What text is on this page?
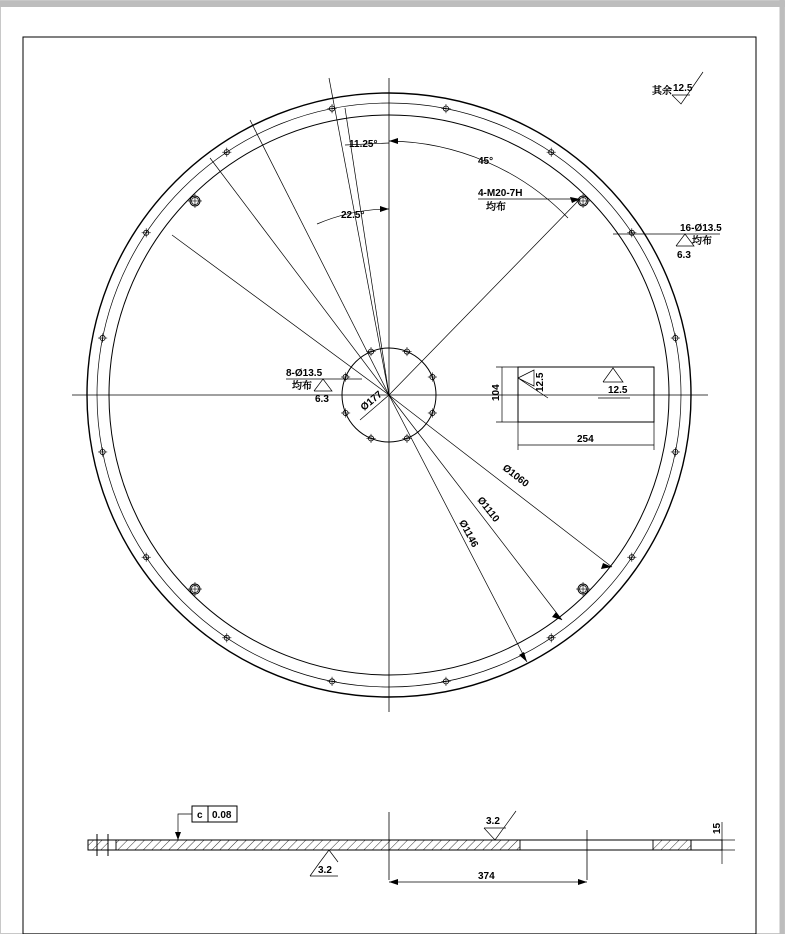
11.25°
45°
22.5°
4-M20-7H
均布
16-Ø13.5
均布
6.3
8-Ø13.5
均布
6.3	Ø177
Ø1060
Ø1110
Ø1146
254
104
12.5	12.5
其余 12.5
c 0.08
3.2
3.2
15
374
